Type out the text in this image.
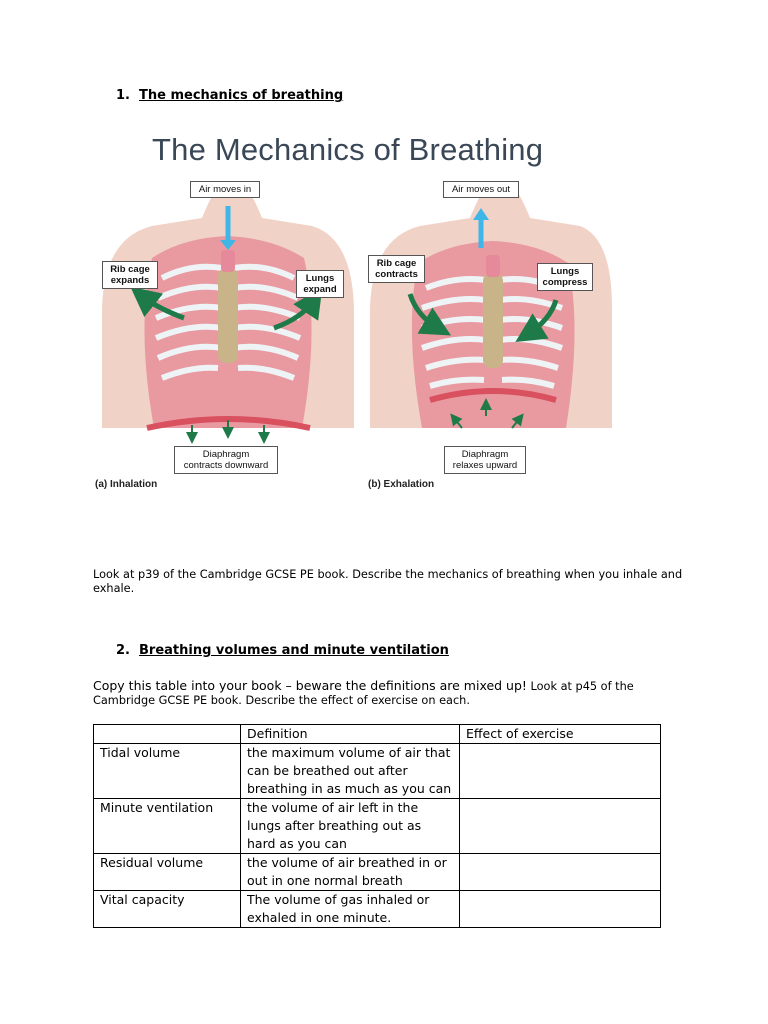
1. The mechanics of breathing
The Mechanics of Breathing
Air moves in
Rib cage
expands	Lungs
expand
Diaphragm
contracts downward
(a) Inhalation
Air moves out
Rib cage
contracts	Lungs
compress
Diaphragm
relaxes upward
(b) Exhalation
Look at p39 of the Cambridge GCSE PE book. Describe the mechanics of breathing when you inhale and exhale.
2. Breathing volumes and minute ventilation
Copy this table into your book – beware the definitions are mixed up! Look at p45 of the Cambridge GCSE PE book. Describe the effect of exercise on each.
	Definition	Effect of exercise
Tidal volume	the maximum volume of air that
can be breathed out after
breathing in as much as you can	

Minute ventilation	the volume of air left in the
lungs after breathing out as
hard as you can	

Residual volume	the volume of air breathed in or
out in one normal breath	

Vital capacity	The volume of gas inhaled or
exhaled in one minute.	
